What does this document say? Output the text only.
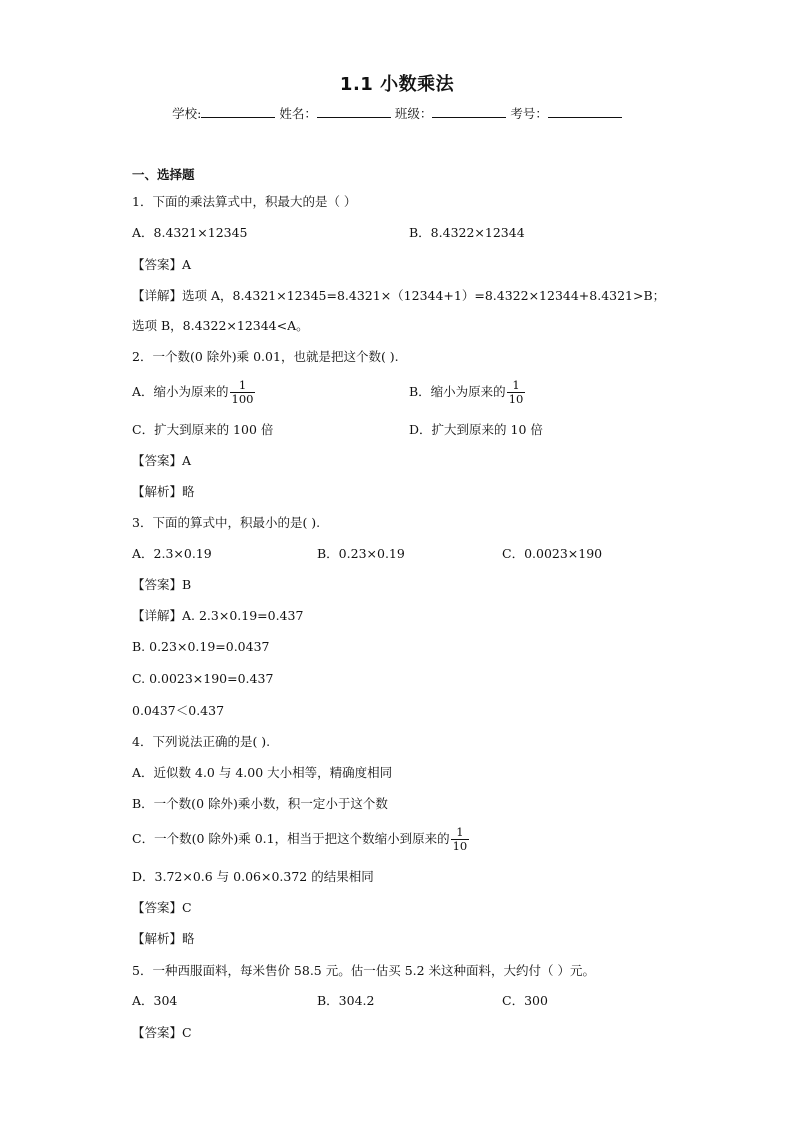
1.1 小数乘法
学校:	姓名：	班级：	考号：
一、选择题
1．下面的乘法算式中，积最大的是（ ）
A．8.4321×12345	B．8.4322×12344
【答案】A
【详解】选项 A，8.4321×12345=8.4321×（12344+1）=8.4322×12344+8.4321>B；
选项 B，8.4322×12344<A。
2．一个数(0 除外)乘 0.01，也就是把这个数( ).
A．缩小为原来的 $\frac{1}{100}$	B．缩小为原来的 $\frac{1}{10}$
C．扩大到原来的 100 倍	D．扩大到原来的 10 倍
【答案】A
【解析】略
3．下面的算式中，积最小的是( ).
A．2.3×0.19	B．0.23×0.19	C．0.0023×190
【答案】B
【详解】A. 2.3×0.19=0.437
B. 0.23×0.19=0.0437
C. 0.0023×190=0.437
0.0437＜0.437
4．下列说法正确的是( ).
A．近似数 4.0 与 4.00 大小相等，精确度相同
B．一个数(0 除外)乘小数，积一定小于这个数
C．一个数(0 除外)乘 0.1，相当于把这个数缩小到原来的 $\frac{1}{10}$
D．3.72×0.6 与 0.06×0.372 的结果相同
【答案】C
【解析】略
5．一种西服面料，每米售价 58.5 元。估一估买 5.2 米这种面料，大约付（ ）元。
A．304	B．304.2	C．300
【答案】C
